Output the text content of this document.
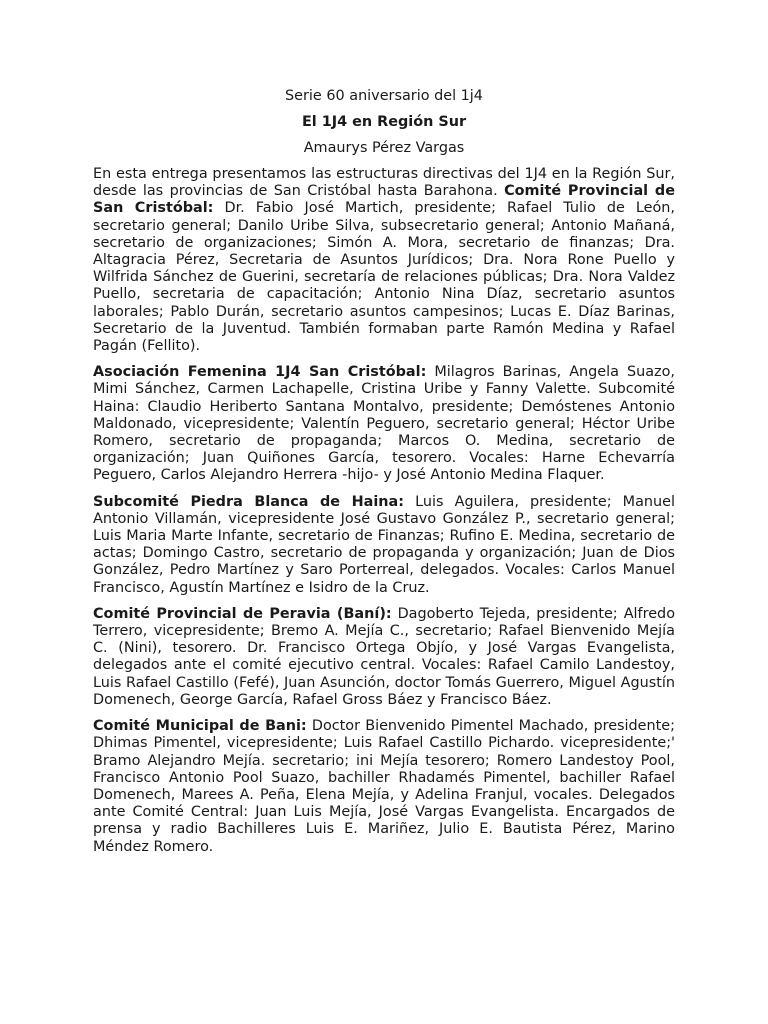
Serie 60 aniversario del 1j4
El 1J4 en Región Sur
Amaurys Pérez Vargas

En esta entrega presentamos las estructuras directivas del 1J4 en la Región Sur, desde las provincias de San Cristóbal hasta Barahona. Comité Provincial de San Cristóbal: Dr. Fabio José Martich, presidente; Rafael Tulio de León, secretario general; Danilo Uribe Silva, subsecretario general; Antonio Mañaná, secretario de organizaciones; Simón A. Mora, secretario de finanzas; Dra. Altagracia Pérez, Secretaria de Asuntos Jurídicos; Dra. Nora Rone Puello y Wilfrida Sánchez de Guerini, secretaría de relaciones públicas; Dra. Nora Valdez Puello, secretaria de capacitación; Antonio Nina Díaz, secretario asuntos laborales; Pablo Durán, secretario asuntos campesinos; Lucas E. Díaz Barinas, Secretario de la Juventud. También formaban parte Ramón Medina y Rafael Pagán (Fellito).

Asociación Femenina 1J4 San Cristóbal: Milagros Barinas, Angela Suazo, Mimi Sánchez, Carmen Lachapelle, Cristina Uribe y Fanny Valette. Subcomité Haina: Claudio Heriberto Santana Montalvo, presidente; Demóstenes Antonio Maldonado, vicepresidente; Valentín Peguero, secretario general; Héctor Uribe Romero, secretario de propaganda; Marcos O. Medina, secretario de organización; Juan Quiñones García, tesorero. Vocales: Harne Echevarría Peguero, Carlos Alejandro Herrera -hijo- y José Antonio Medina Flaquer.

Subcomité Piedra Blanca de Haina: Luis Aguilera, presidente; Manuel Antonio Villamán, vicepresidente José Gustavo González P., secretario general; Luis Maria Marte Infante, secretario de Finanzas; Rufino E. Medina, secretario de actas; Domingo Castro, secretario de propaganda y organización; Juan de Dios González, Pedro Martínez y Saro Porterreal, delegados. Vocales: Carlos Manuel Francisco, Agustín Martínez e Isidro de la Cruz.

Comité Provincial de Peravia (Baní): Dagoberto Tejeda, presidente; Alfredo Terrero, vicepresidente; Bremo A. Mejía C., secretario; Rafael Bienvenido Mejía C. (Nini), tesorero. Dr. Francisco Ortega Objío, y José Vargas Evangelista, delegados ante el comité ejecutivo central. Vocales: Rafael Camilo Landestoy, Luis Rafael Castillo (Fefé), Juan Asunción, doctor Tomás Guerrero, Miguel Agustín Domenech, George García, Rafael Gross Báez y Francisco Báez.

Comité Municipal de Bani: Doctor Bienvenido Pimentel Machado, presidente; Dhimas Pimentel, vicepresidente; Luis Rafael Castillo Pichardo. vicepresidente;' Bramo Alejandro Mejía. secretario; ini Mejía tesorero; Romero Landestoy Pool, Francisco Antonio Pool Suazo, bachiller Rhadamés Pimentel, bachiller Rafael Domenech, Marees A. Peña, Elena Mejía, y Adelina Franjul, vocales. Delegados ante Comité Central: Juan Luis Mejía, José Vargas Evangelista. Encargados de prensa y radio Bachilleres Luis E. Mariñez, Julio E. Bautista Pérez, Marino Méndez Romero.
